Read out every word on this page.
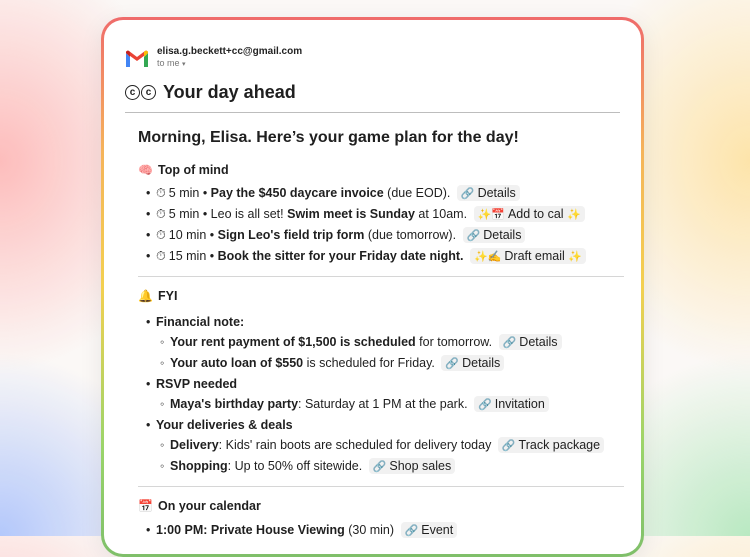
elisa.g.beckett+cc@gmail.com
to me ▾
c	c Your day ahead
Morning, Elisa. Here’s your game plan for the day!
🧠 Top of mind
• ⏱ 5 min • Pay the $450 daycare invoice (due EOD). 🔗 Details
• ⏱ 5 min • Leo is all set! Swim meet is Sunday at 10am. ✨📅 Add to cal ✨
• ⏱ 10 min • Sign Leo's field trip form (due tomorrow). 🔗 Details
• ⏱ 15 min • Book the sitter for your Friday date night. ✨✍ Draft email ✨
🔔 FYI
• Financial note:
◦ Your rent payment of $1,500 is scheduled for tomorrow. 🔗 Details
◦ Your auto loan of $550 is scheduled for Friday. 🔗 Details
• RSVP needed
◦ Maya's birthday party: Saturday at 1 PM at the park. 🔗 Invitation
• Your deliveries & deals
◦ Delivery: Kids' rain boots are scheduled for delivery today 🔗 Track package
◦ Shopping: Up to 50% off sitewide. 🔗 Shop sales
📅 On your calendar
• 1:00 PM: Private House Viewing (30 min) 🔗 Event
